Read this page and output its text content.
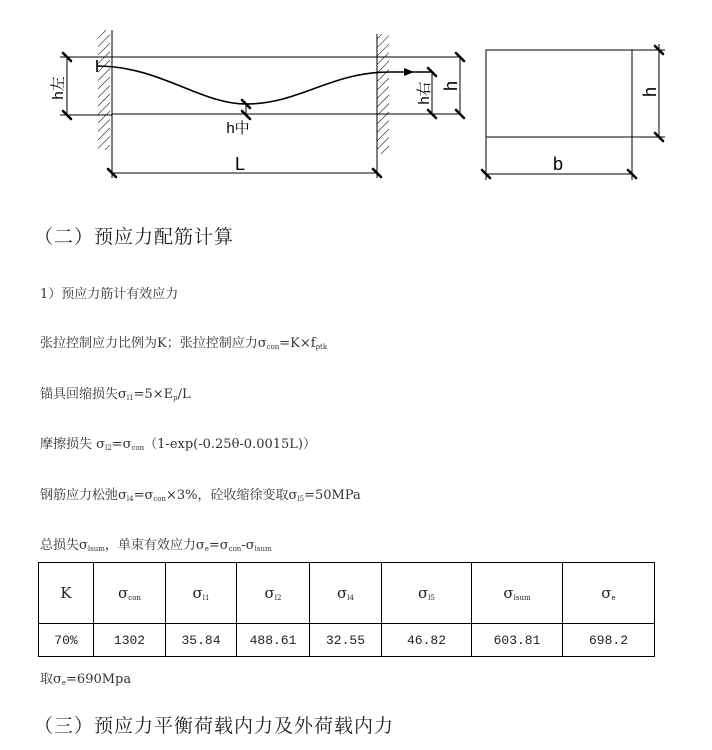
h左
h中
h右 h
L
h
b
（二）预应力配筋计算
1）预应力筋计有效应力
张拉控制应力比例为K；张拉控制应力$\sigma_{con}=K\times f_{ptk}$
锚具回缩损失$\sigma_{l1}=5\times E_p/L$
摩擦损失 $\sigma_{l2}=\sigma_{con}(1-\exp(-0.25\theta-0.0015L))$
钢筋应力松弛$\sigma_{l4}=\sigma_{con}\times 3\%$，砼收缩徐变取$\sigma_{l5}=50MPa$
总损失$\sigma_{lsum}$，单束有效应力$\sigma_e=\sigma_{con}-\sigma_{lsum}$
K	$\sigma_{con}$	$\sigma_{l1}$	$\sigma_{l2}$	$\sigma_{l4}$	$\sigma_{l5}$	$\sigma_{lsum}$	$\sigma_e$
70%	1302	35.84	488.61	32.55	46.82	603.81	698.2
取$\sigma_e=690Mpa$
（三）预应力平衡荷载内力及外荷载内力
